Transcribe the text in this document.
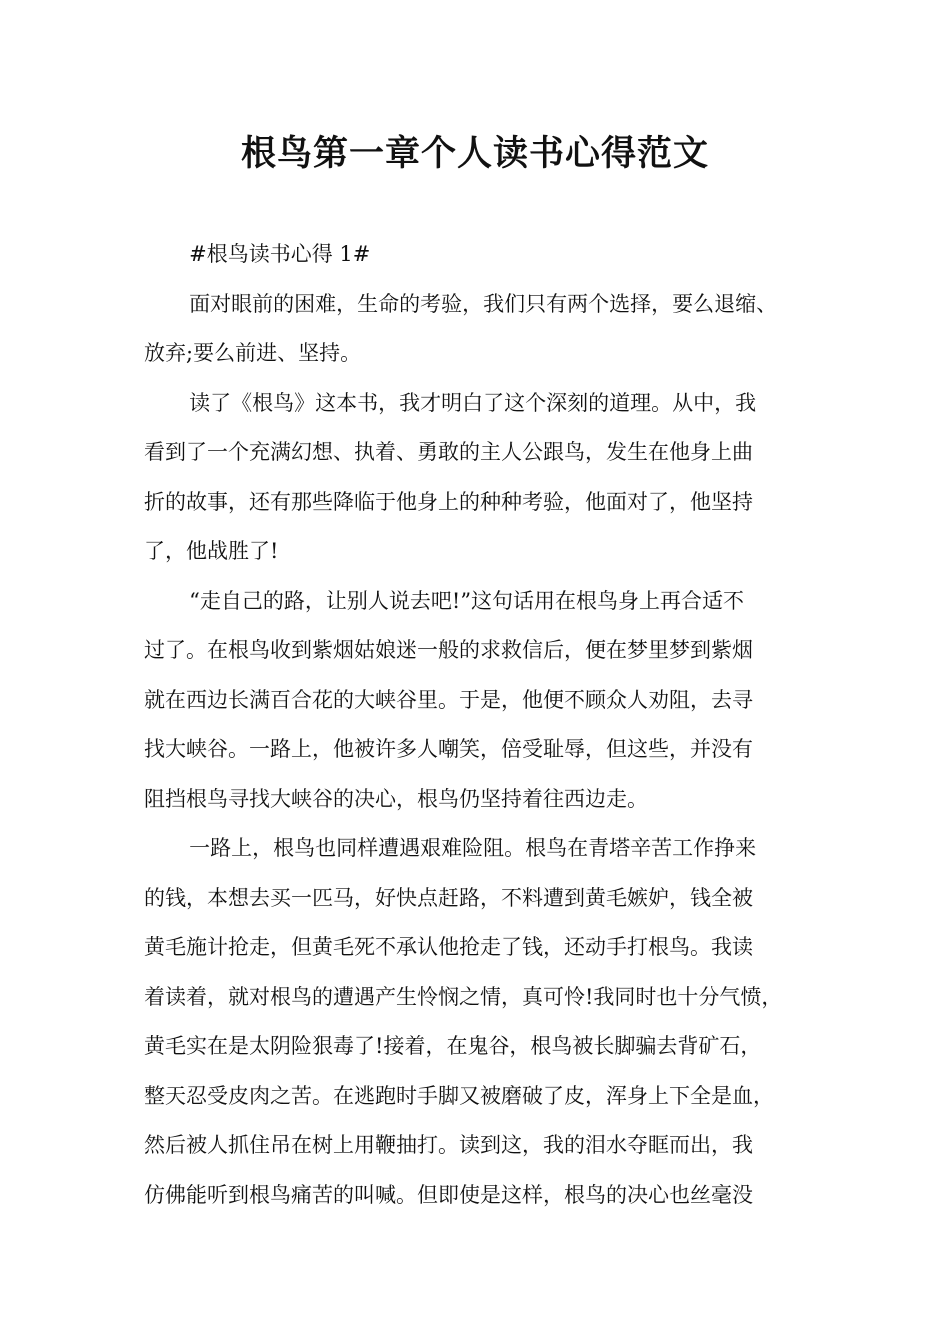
根鸟第一章个人读书心得范文

#根鸟读书心得 1#

面对眼前的困难，生命的考验，我们只有两个选择，要么退缩、
放弃;要么前进、坚持。

读了《根鸟》这本书，我才明白了这个深刻的道理。从中，我
看到了一个充满幻想、执着、勇敢的主人公跟鸟，发生在他身上曲
折的故事，还有那些降临于他身上的种种考验，他面对了，他坚持
了，他战胜了!

“走自己的路，让别人说去吧!”这句话用在根鸟身上再合适不
过了。在根鸟收到紫烟姑娘迷一般的求救信后，便在梦里梦到紫烟
就在西边长满百合花的大峡谷里。于是，他便不顾众人劝阻，去寻
找大峡谷。一路上，他被许多人嘲笑，倍受耻辱，但这些，并没有
阻挡根鸟寻找大峡谷的决心，根鸟仍坚持着往西边走。

一路上，根鸟也同样遭遇艰难险阻。根鸟在青塔辛苦工作挣来
的钱，本想去买一匹马，好快点赶路，不料遭到黄毛嫉妒，钱全被
黄毛施计抢走，但黄毛死不承认他抢走了钱，还动手打根鸟。我读
着读着，就对根鸟的遭遇产生怜悯之情，真可怜!我同时也十分气愤，
黄毛实在是太阴险狠毒了!接着，在鬼谷，根鸟被长脚骗去背矿石，
整天忍受皮肉之苦。在逃跑时手脚又被磨破了皮，浑身上下全是血，
然后被人抓住吊在树上用鞭抽打。读到这，我的泪水夺眶而出，我
仿佛能听到根鸟痛苦的叫喊。但即使是这样，根鸟的决心也丝毫没
